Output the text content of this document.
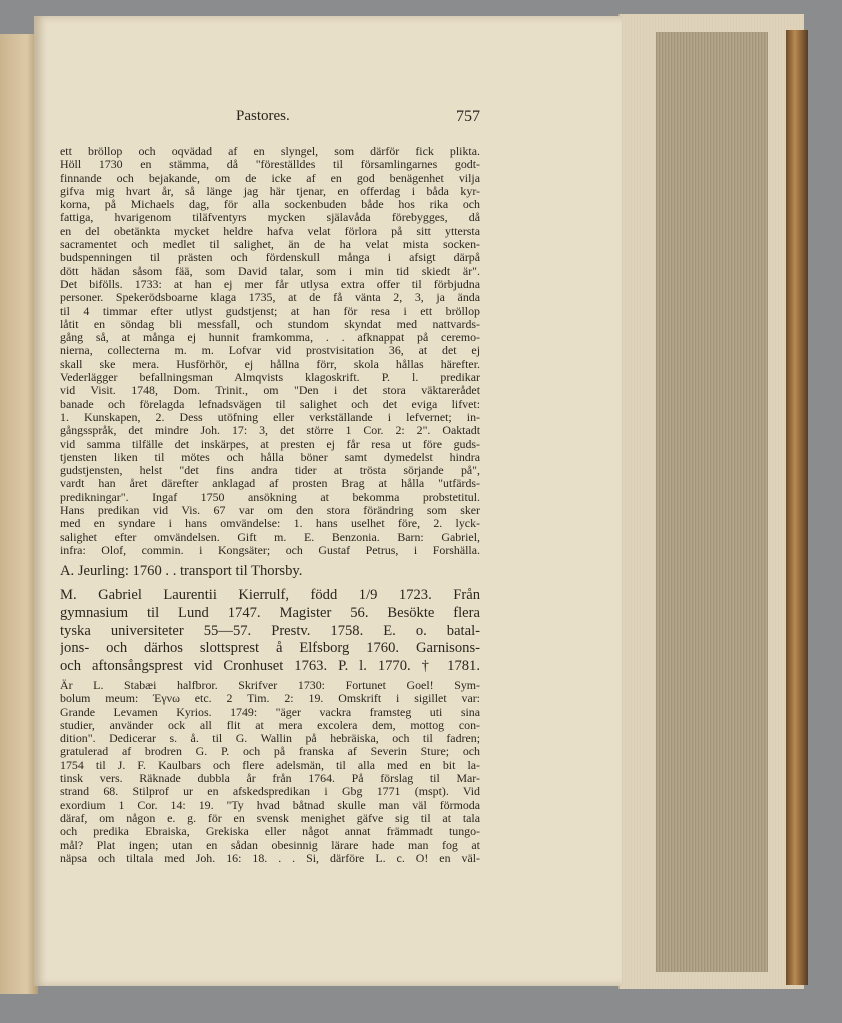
Pastores.	757
ett bröllop och oqvädad af en slyngel, som därför fick plikta.
Höll 1730 en stämma, då "föreställdes til församlingarnes godt-
finnande och bejakande, om de icke af en god benägenhet vilja
gifva mig hvart år, så länge jag här tjenar, en offerdag i båda kyr-
korna, på Michaels dag, för alla sockenbuden både hos rika och
fattiga, hvarigenom tiläfventyrs mycken själavåda förebygges, då
en del obetänkta mycket heldre hafva velat förlora på sitt yttersta
sacramentet och medlet til salighet, än de ha velat mista socken-
budspenningen til prästen och fördenskull många i afsigt därpå
dött hädan såsom fää, som David talar, som i min tid skiedt är".
Det bifölls. 1733: at han ej mer får utlysa extra offer til förbjudna
personer. Spekerödsboarne klaga 1735, at de få vänta 2, 3, ja ända
til 4 timmar efter utlyst gudstjenst; at han för resa i ett bröllop
låtit en söndag bli messfall, och stundom skyndat med nattvards-
gång så, at många ej hunnit framkomma, . . afknappat på ceremo-
nierna, collecterna m. m. Lofvar vid prostvisitation 36, at det ej
skall ske mera. Husförhör, ej hållna förr, skola hållas härefter.
Vederlägger befallningsman Almqvists klagoskrift. P. l. predikar
vid Visit. 1748, Dom. Trinit., om "Den i det stora väktarerådet
banade och förelagda lefnadsvägen til salighet och det eviga lifvet:
1. Kunskapen, 2. Dess utöfning eller verkställande i lefvernet; in-
gångsspråk, det mindre Joh. 17: 3, det större 1 Cor. 2: 2". Oaktadt
vid samma tilfälle det inskärpes, at presten ej får resa ut före guds-
tjensten liken til mötes och hålla böner samt dymedelst hindra
gudstjensten, helst "det fins andra tider at trösta sörjande på",
vardt han året därefter anklagad af prosten Brag at hålla "utfärds-
predikningar". Ingaf 1750 ansökning at bekomma probstetitul.
Hans predikan vid Vis. 67 var om den stora förändring som sker
med en syndare i hans omvändelse: 1. hans uselhet före, 2. lyck-
salighet efter omvändelsen. Gift m. E. Benzonia. Barn: Gabriel,
infra: Olof, commin. i Kongsäter; och Gustaf Petrus, i Forshälla.
A. Jeurling: 1760 . . transport til Thorsby.
M. Gabriel Laurentii Kierrulf, född 1/9 1723. Från
gymnasium til Lund 1747. Magister 56. Besökte flera
tyska universiteter 55—57. Prestv. 1758. E. o. batal-
jons- och därhos slottsprest å Elfsborg 1760. Garnisons-
och aftonsångsprest vid Cronhuset 1763. P. l. 1770. † 1781.
Är L. Stabæi halfbror. Skrifver 1730: Fortunet Goel! Sym-
bolum meum: Έγνω etc. 2 Tim. 2: 19. Omskrift i sigillet var:
Grande Levamen Kyrios. 1749: "äger vackra framsteg uti sina
studier, använder ock all flit at mera excolera dem, mottog con-
dition". Dedicerar s. å. til G. Wallin på hebräiska, och til fadren;
gratulerad af brodren G. P. och på franska af Severin Sture; och
1754 til J. F. Kaulbars och flere adelsmän, til alla med en bit la-
tinsk vers. Räknade dubbla år från 1764. På förslag til Mar-
strand 68. Stilprof ur en afskedspredikan i Gbg 1771 (mspt). Vid
exordium 1 Cor. 14: 19. "Ty hvad båtnad skulle man väl förmoda
däraf, om någon e. g. för en svensk menighet gäfve sig til at tala
och predika Ebraiska, Grekiska eller något annat främmadt tungo-
mål? Plat ingen; utan en sådan obesinnig lärare hade man fog at
näpsa och tiltala med Joh. 16: 18. . . Si, därföre L. c. O! en väl-
